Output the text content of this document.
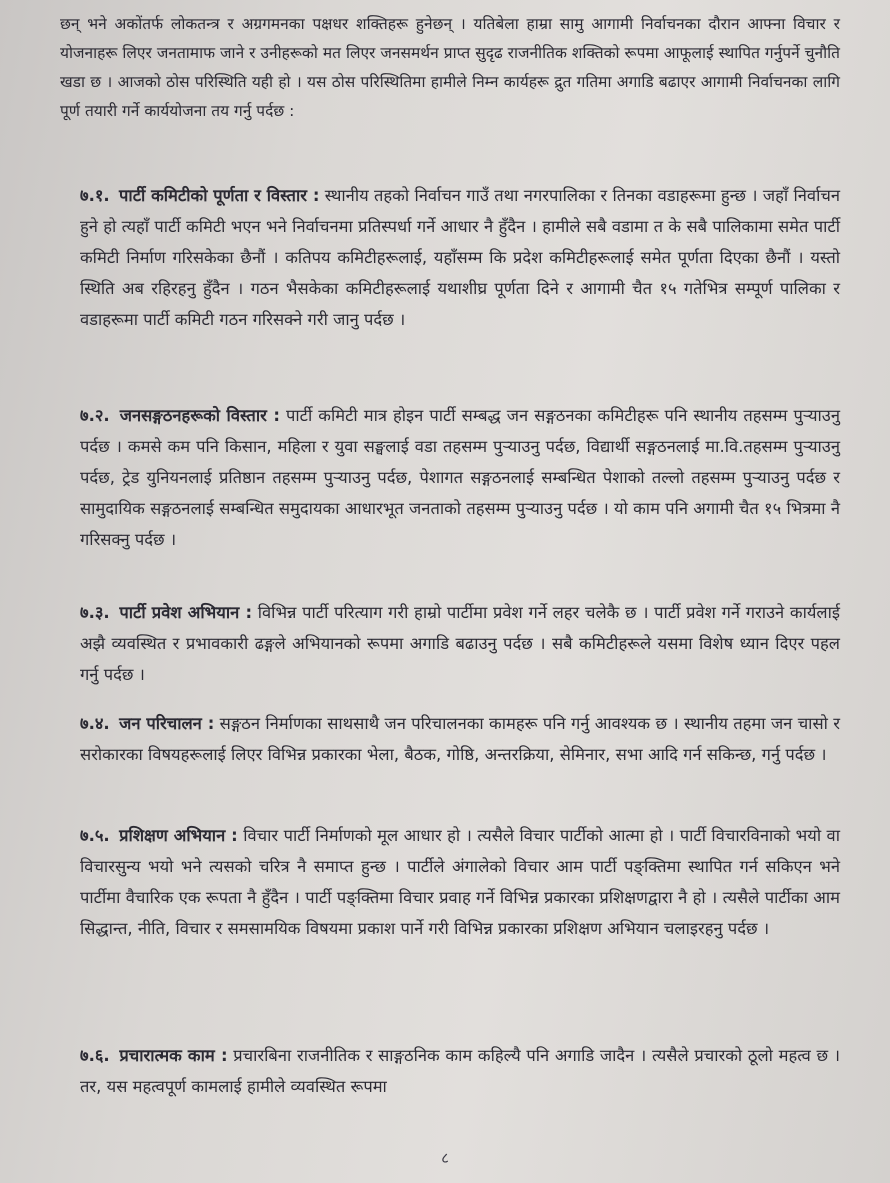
छन् भने अकोंतर्फ लोकतन्त्र र अग्रगमनका पक्षधर शक्तिहरू हुनेछन् । यतिबेला हाम्रा सामु आगामी निर्वाचनका दौरान आफ्ना विचार र योजनाहरू लिएर जनतामाफ जाने र उनीहरूको मत लिएर जनसमर्थन प्राप्त सुदृढ राजनीतिक शक्तिको रूपमा आफूलाई स्थापित गर्नुपर्ने चुनौति खडा छ । आजको ठोस परिस्थिति यही हो । यस ठोस परिस्थितिमा हामीले निम्न कार्यहरू द्रुत गतिमा अगाडि बढाएर आगामी निर्वाचनका लागि पूर्ण तयारी गर्ने कार्ययोजना तय गर्नु पर्दछ :

७.१. पार्टी कमिटीको पूर्णता र विस्तार : स्थानीय तहको निर्वाचन गाउँ तथा नगरपालिका र तिनका वडाहरूमा हुन्छ । जहाँ निर्वाचन हुने हो त्यहाँ पार्टी कमिटी भएन भने निर्वाचनमा प्रतिस्पर्धा गर्ने आधार नै हुँदैन । हामीले सबै वडामा त के सबै पालिकामा समेत पार्टी कमिटी निर्माण गरिसकेका छैनौं । कतिपय कमिटीहरूलाई, यहाँसम्म कि प्रदेश कमिटीहरूलाई समेत पूर्णता दिएका छैनौं । यस्तो स्थिति अब रहिरहनु हुँदैन । गठन भैसकेका कमिटीहरूलाई यथाशीघ्र पूर्णता दिने र आगामी चैत १५ गतेभित्र सम्पूर्ण पालिका र वडाहरूमा पार्टी कमिटी गठन गरिसक्ने गरी जानु पर्दछ ।
७.२. जनसङ्गठनहरूको विस्तार : पार्टी कमिटी मात्र होइन पार्टी सम्बद्ध जन सङ्गठनका कमिटीहरू पनि स्थानीय तहसम्म पुऱ्याउनु पर्दछ । कमसे कम पनि किसान, महिला र युवा सङ्घलाई वडा तहसम्म पुऱ्याउनु पर्दछ, विद्यार्थी सङ्गठनलाई मा.वि.तहसम्म पुऱ्याउनु पर्दछ, ट्रेड युनियनलाई प्रतिष्ठान तहसम्म पुऱ्याउनु पर्दछ, पेशागत सङ्गठनलाई सम्बन्धित पेशाको तल्लो तहसम्म पुऱ्याउनु पर्दछ र सामुदायिक सङ्गठनलाई सम्बन्धित समुदायका आधारभूत जनताको तहसम्म पुऱ्याउनु पर्दछ । यो काम पनि अगामी चैत १५ भित्रमा नै गरिसक्नु पर्दछ ।
७.३. पार्टी प्रवेश अभियान : विभिन्न पार्टी परित्याग गरी हाम्रो पार्टीमा प्रवेश गर्ने लहर चलेकै छ । पार्टी प्रवेश गर्ने गराउने कार्यलाई अझै व्यवस्थित र प्रभावकारी ढङ्गले अभियानको रूपमा अगाडि बढाउनु पर्दछ । सबै कमिटीहरूले यसमा विशेष ध्यान दिएर पहल गर्नु पर्दछ ।
७.४. जन परिचालन : सङ्गठन निर्माणका साथसाथै जन परिचालनका कामहरू पनि गर्नु आवश्यक छ । स्थानीय तहमा जन चासो र सरोकारका विषयहरूलाई लिएर विभिन्न प्रकारका भेला, बैठक, गोष्ठि, अन्तरक्रिया, सेमिनार, सभा आदि गर्न सकिन्छ, गर्नु पर्दछ ।
७.५. प्रशिक्षण अभियान : विचार पार्टी निर्माणको मूल आधार हो । त्यसैले विचार पार्टीको आत्मा हो । पार्टी विचारविनाको भयो वा विचारसुन्य भयो भने त्यसको चरित्र नै समाप्त हुन्छ । पार्टीले अंगालेको विचार आम पार्टी पङ्क्तिमा स्थापित गर्न सकिएन भने पार्टीमा वैचारिक एक रूपता नै हुँदैन । पार्टी पङ्क्तिमा विचार प्रवाह गर्ने विभिन्न प्रकारका प्रशिक्षणद्वारा नै हो । त्यसैले पार्टीका आम सिद्धान्त, नीति, विचार र समसामयिक विषयमा प्रकाश पार्ने गरी विभिन्न प्रकारका प्रशिक्षण अभियान चलाइरहनु पर्दछ ।
७.६. प्रचारात्मक काम : प्रचारबिना राजनीतिक र साङ्गठनिक काम कहिल्यै पनि अगाडि जादैन । त्यसैले प्रचारको ठूलो महत्व छ । तर, यस महत्वपूर्ण कामलाई हामीले व्यवस्थित रूपमा
८
